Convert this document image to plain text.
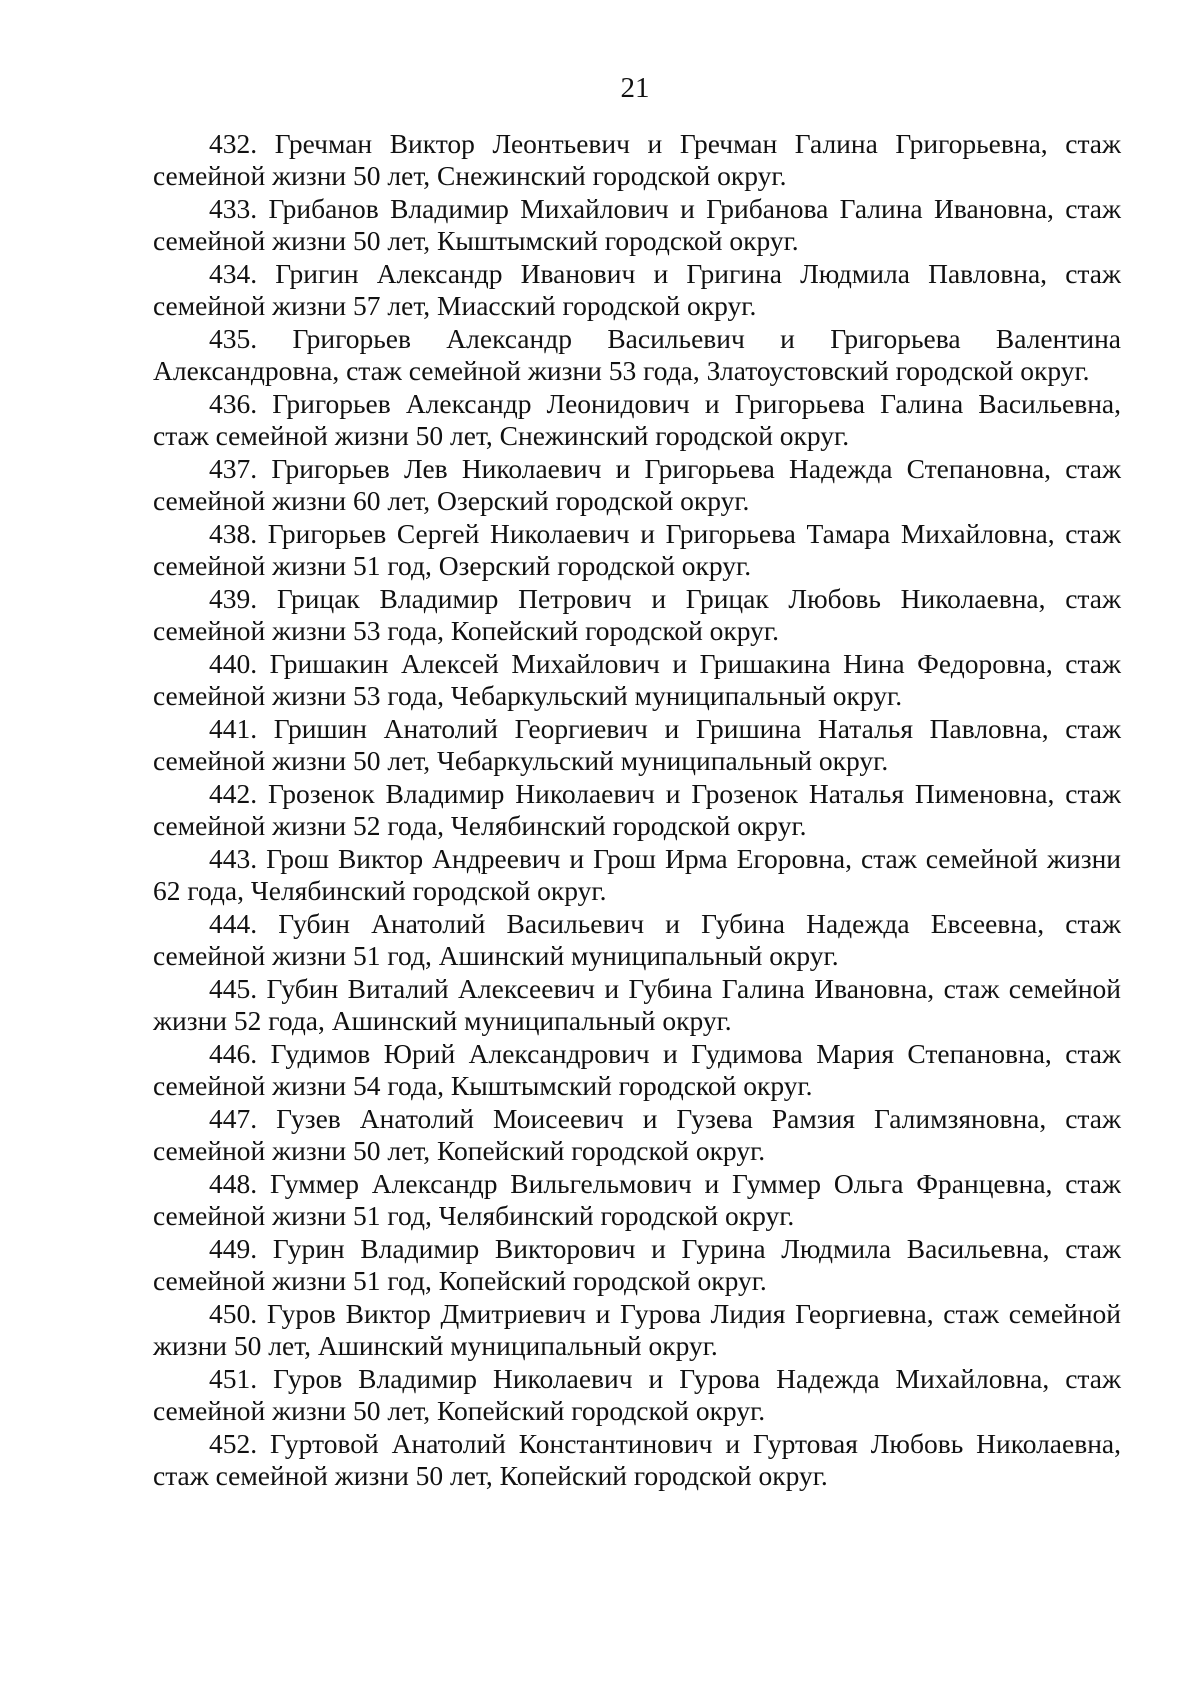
21

432. Гречман Виктор Леонтьевич и Гречман Галина Григорьевна, стаж семейной жизни 50 лет, Снежинский городской округ.

433. Грибанов Владимир Михайлович и Грибанова Галина Ивановна, стаж семейной жизни 50 лет, Кыштымский городской округ.

434. Григин Александр Иванович и Григина Людмила Павловна, стаж семейной жизни 57 лет, Миасский городской округ.

435. Григорьев Александр Васильевич и Григорьева Валентина Александровна, стаж семейной жизни 53 года, Златоустовский городской округ.

436. Григорьев Александр Леонидович и Григорьева Галина Васильевна, стаж семейной жизни 50 лет, Снежинский городской округ.

437. Григорьев Лев Николаевич и Григорьева Надежда Степановна, стаж семейной жизни 60 лет, Озерский городской округ.

438. Григорьев Сергей Николаевич и Григорьева Тамара Михайловна, стаж семейной жизни 51 год, Озерский городской округ.

439. Грицак Владимир Петрович и Грицак Любовь Николаевна, стаж семейной жизни 53 года, Копейский городской округ.

440. Гришакин Алексей Михайлович и Гришакина Нина Федоровна, стаж семейной жизни 53 года, Чебаркульский муниципальный округ.

441. Гришин Анатолий Георгиевич и Гришина Наталья Павловна, стаж семейной жизни 50 лет, Чебаркульский муниципальный округ.

442. Грозенок Владимир Николаевич и Грозенок Наталья Пименовна, стаж семейной жизни 52 года, Челябинский городской округ.

443. Грош Виктор Андреевич и Грош Ирма Егоровна, стаж семейной жизни 62 года, Челябинский городской округ.

444. Губин Анатолий Васильевич и Губина Надежда Евсеевна, стаж семейной жизни 51 год, Ашинский муниципальный округ.

445. Губин Виталий Алексеевич и Губина Галина Ивановна, стаж семейной жизни 52 года, Ашинский муниципальный округ.

446. Гудимов Юрий Александрович и Гудимова Мария Степановна, стаж семейной жизни 54 года, Кыштымский городской округ.

447. Гузев Анатолий Моисеевич и Гузева Рамзия Галимзяновна, стаж семейной жизни 50 лет, Копейский городской округ.

448. Гуммер Александр Вильгельмович и Гуммер Ольга Францевна, стаж семейной жизни 51 год, Челябинский городской округ.

449. Гурин Владимир Викторович и Гурина Людмила Васильевна, стаж семейной жизни 51 год, Копейский городской округ.

450. Гуров Виктор Дмитриевич и Гурова Лидия Георгиевна, стаж семейной жизни 50 лет, Ашинский муниципальный округ.

451. Гуров Владимир Николаевич и Гурова Надежда Михайловна, стаж семейной жизни 50 лет, Копейский городской округ.

452. Гуртовой Анатолий Константинович и Гуртовая Любовь Николаевна, стаж семейной жизни 50 лет, Копейский городской округ.
